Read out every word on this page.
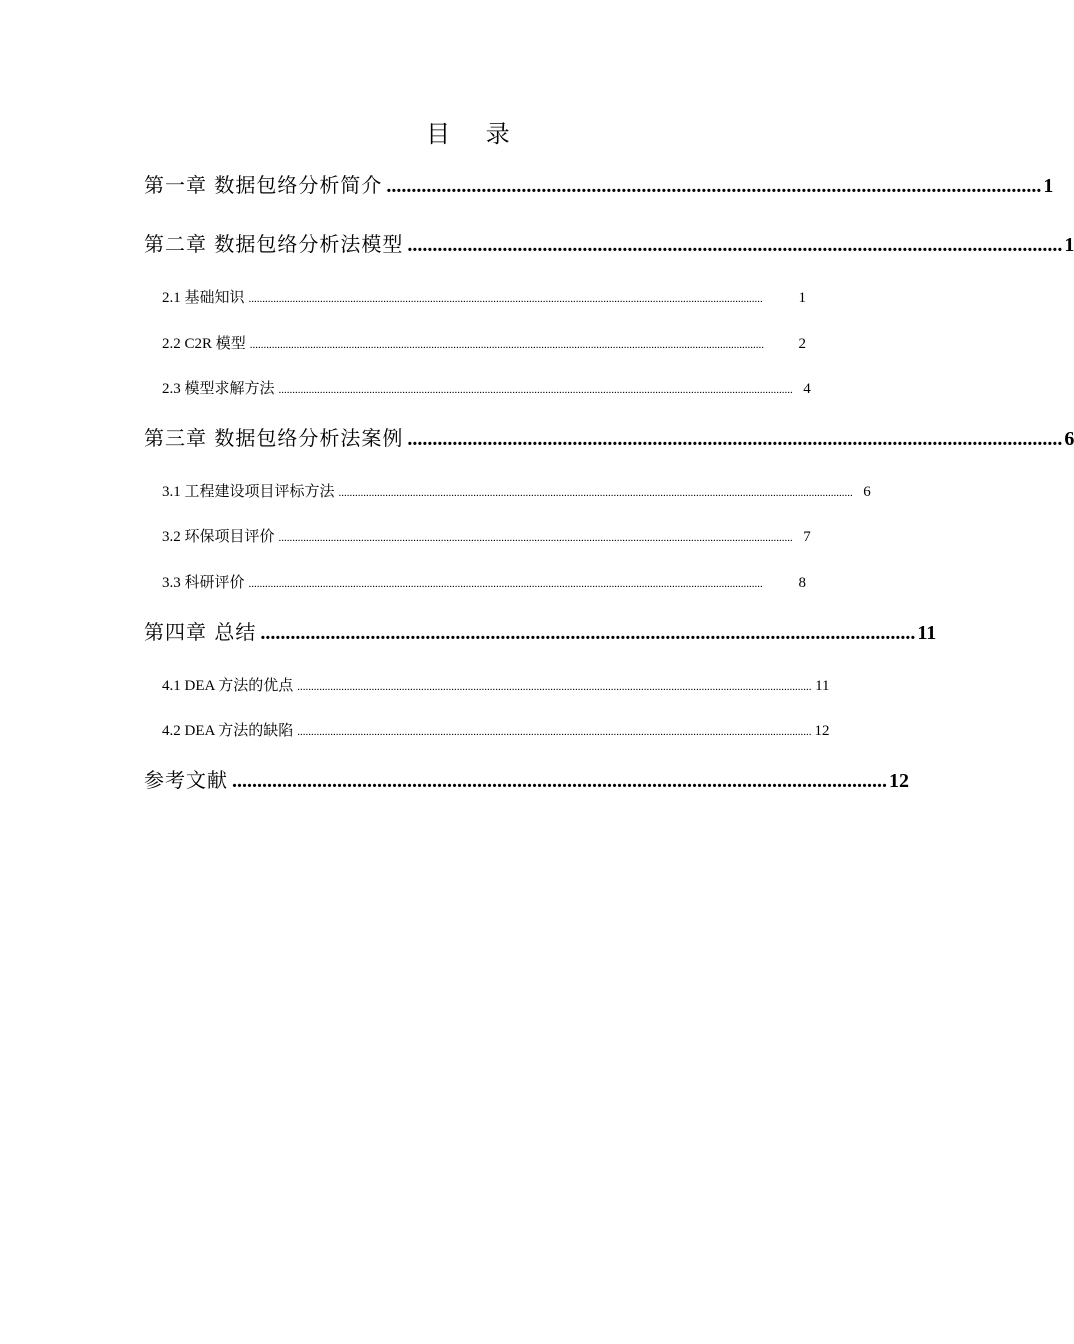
目 录
第一章 数据包络分析简介 ................................................................................................................................... 1
第二章 数据包络分析法模型 ................................................................................................................................... 1
2.1 基础知识 ...........................................................................................................................................................................................	1
2.2 C2R 模型 ...........................................................................................................................................................................................	2
2.3 模型求解方法 ........................................................................................................................................................................................... 4
第三章 数据包络分析法案例 ................................................................................................................................... 6
3.1 工程建设项目评标方法 ........................................................................................................................................................................................... 6
3.2 环保项目评价 ........................................................................................................................................................................................... 7
3.3 科研评价 ...........................................................................................................................................................................................	8
第四章 总结 ................................................................................................................................... 11
4.1 DEA 方法的优点 ........................................................................................................................................................................................... 11
4.2 DEA 方法的缺陷 ........................................................................................................................................................................................... 12
参考文献 ................................................................................................................................... 12
